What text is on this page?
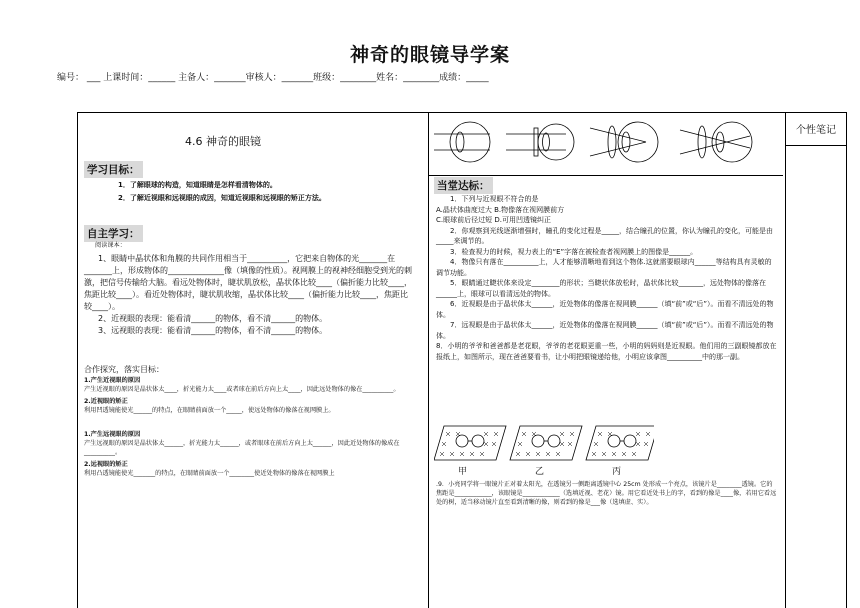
神奇的眼镜导学案
编号： ___ 上课时间：______ 主备人：_______审核人：_______班级：________姓名：________成绩：_____
4.6 神奇的眼镜
学习目标：

1．了解眼球的构造，知道眼睛是怎样看清物体的。

2．了解近视眼和远视眼的成因，知道近视眼和远视眼的矫正方法。

自主学习：
阅读课本：

1、眼睛中晶状体和角膜的共同作用相当于__________，它把来自物体的光_______在_______上，形成物体的______________像（填像的性质）。视网膜上的视神经细胞受到光的刺激，把信号传输给大脑。看远处物体时，睫状肌放松，晶状体比较____（偏折能力比较____，焦距比较____）。看近处物体时，睫状肌收缩，晶状体比较____（偏折能力比较____，焦距比较____）。

2、近视眼的表现：能看清______的物体，看不清______的物体。

3、远视眼的表现：能看清______的物体，看不清______的物体。

合作探究，落实目标：

1.产生近视眼的原因

产生近视眼的原因是晶状体太____，折光能力太____或者球在前后方向上太____，因此远处物体的像在__________。

2.近视眼的矫正

利用凹透镜能使光______的特点，在眼睛前面放一个_____，使远处物体的像落在视网膜上。

1.产生远视眼的原因

产生远视眼的原因是晶状体太______，折光能力太______，或者眼球在前后方向上太______，因此近处物体的像成在__________。

2.远视眼的矫正

利用凸透镜能使光_______的特点，在眼睛前面放一个________使近处物体的像落在视网膜上

当堂达标：

1．下列与近视眼不符合的是

A.晶状体曲度过大 B.物像落在视网膜前方

C.眼球前后径过短 D.可用凹透镜纠正

2．你观察到光线逐渐增强时，瞳孔的变化过程是_____，结合瞳孔的位置，你认为瞳孔的变化，可能是由_____来调节的。

3．检查视力的时候，视力表上的“E”字落在被检查者视网膜上的图像是______。

4．物像只有落在__________上，人才能够清晰地看到这个物体.这就需要眼球内______等结构具有灵敏的调节功能。

5．眼睛通过睫状体来设定________的形状；当睫状体放松时，晶状体比较_______，远处物体的像落在______上，眼球可以看清远处的物体。

6．近视眼是由于晶状体太______，近处物体的像落在视网膜______（填“前”或“后”）。而看不清远处的物体。

7．远视眼是由于晶状体太______，近处物体的像落在视网膜______（填“前”或“后”）。而看不清远处的物体。

8．小明的爷爷和爸爸都是老花眼，爷爷的老花眼更重一些，小明的妈妈则是近视眼。他们用的三副眼镜都放在报纸上，如图所示，现在爸爸要看书，让小明把眼镜递给他，小明应该拿图__________中的那一副。

甲	乙	丙
.9．小亮同学将一眼镜片正对着太阳光，在透镜另一侧距离透镜中心 25cm 处形成一个亮点，该镜片是________透镜。它的焦距是____________，该眼镜是____________（选填近视、老花）镜。用它看近处书上的字，看到的像是____像，若用它看远处的树，适当移动镜片直至看到清晰的像，则看到的像是___像（选填虚、实）。
个性笔记
